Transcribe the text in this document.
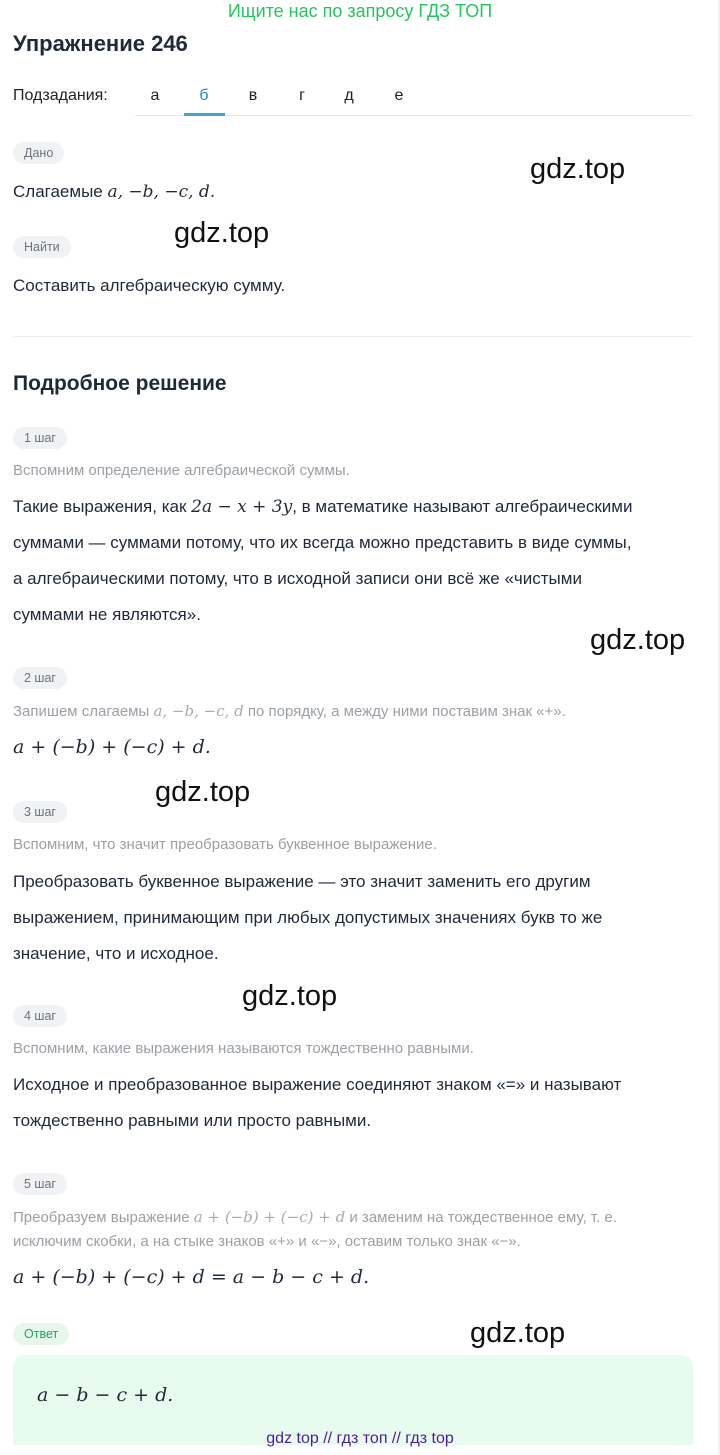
Ищите нас по запросу ГДЗ ТОП
Упражнение 246
Подзадания:	а	б	в	г	д	е
Дано
Слагаемые a, −b, −c, d.
Найти
Составить алгебраическую сумму.
Подробное решение
1 шаг
Вспомним определение алгебраической суммы.
Такие выражения, как 2a − x + 3y, в математике называют алгебраическими
суммами — суммами потому, что их всегда можно представить в виде суммы,
а алгебраическими потому, что в исходной записи они всё же «чистыми
суммами не являются».
2 шаг
Запишем слагаемы a, −b, −c, d по порядку, а между ними поставим знак «+».
a + (−b) + (−c) + d.
3 шаг
Вспомним, что значит преобразовать буквенное выражение.
Преобразовать буквенное выражение — это значит заменить его другим
выражением, принимающим при любых допустимых значениях букв то же
значение, что и исходное.
4 шаг
Вспомним, какие выражения называются тождественно равными.
Исходное и преобразованное выражение соединяют знаком «=» и называют
тождественно равными или просто равными.
5 шаг
Преобразуем выражение a + (−b) + (−c) + d и заменим на тождественное ему, т. е.
исключим скобки, а на стыке знаков «+» и «−», оставим только знак «−».
a + (−b) + (−c) + d = a − b − c + d.
Ответ
a − b − c + d.
gdz.top
gdz.top
gdz.top
gdz.top
gdz.top
gdz.top
gdz top // гдз топ // гдз top
